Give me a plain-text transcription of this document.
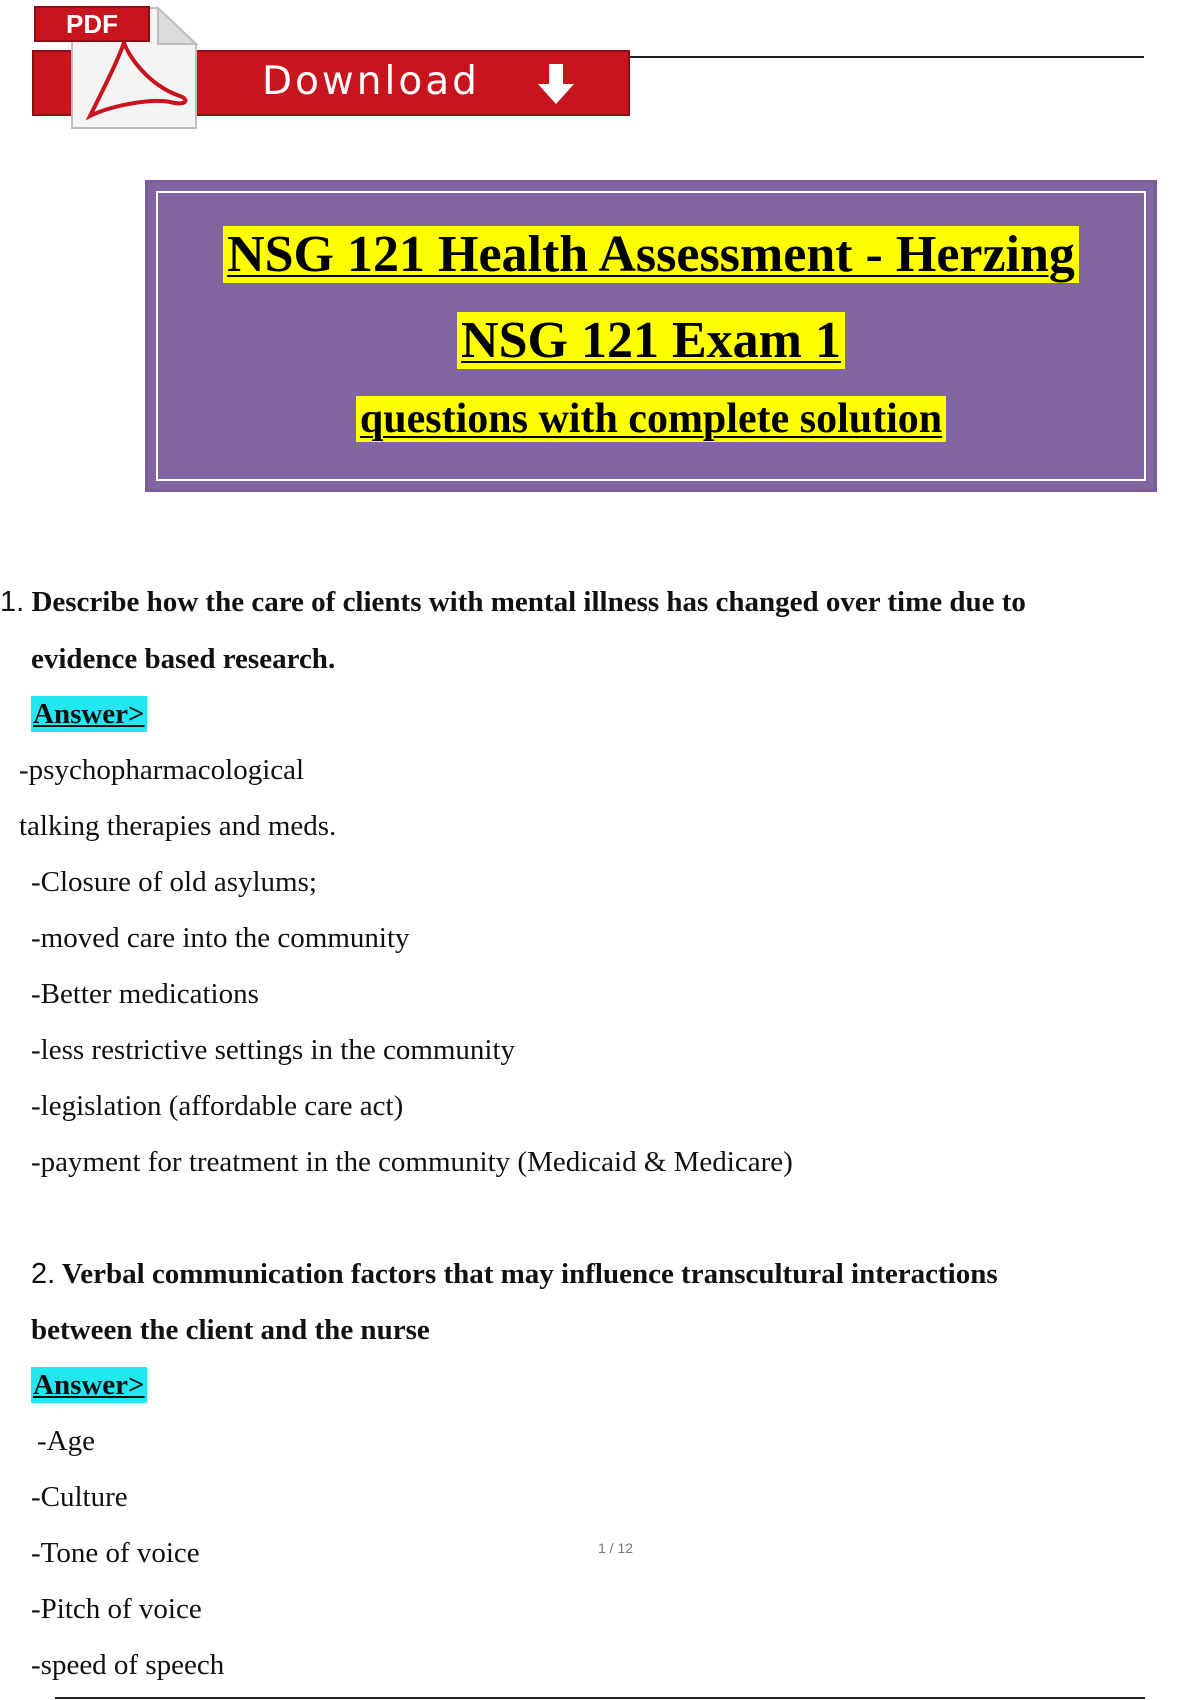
Download
PDF
NSG 121 Health Assessment - Herzing
NSG 121 Exam 1
questions with complete solution
1. Describe how the care of clients with mental illness has changed over time due to
evidence based research.
Answer>
-psychopharmacological
talking therapies and meds.
-Closure of old asylums;
-moved care into the community
-Better medications
-less restrictive settings in the community
-legislation (affordable care act)
-payment for treatment in the community (Medicaid & Medicare)
2. Verbal communication factors that may influence transcultural interactions
between the client and the nurse
Answer>
-Age
-Culture
-Tone of voice
-Pitch of voice
-speed of speech
1 / 12
